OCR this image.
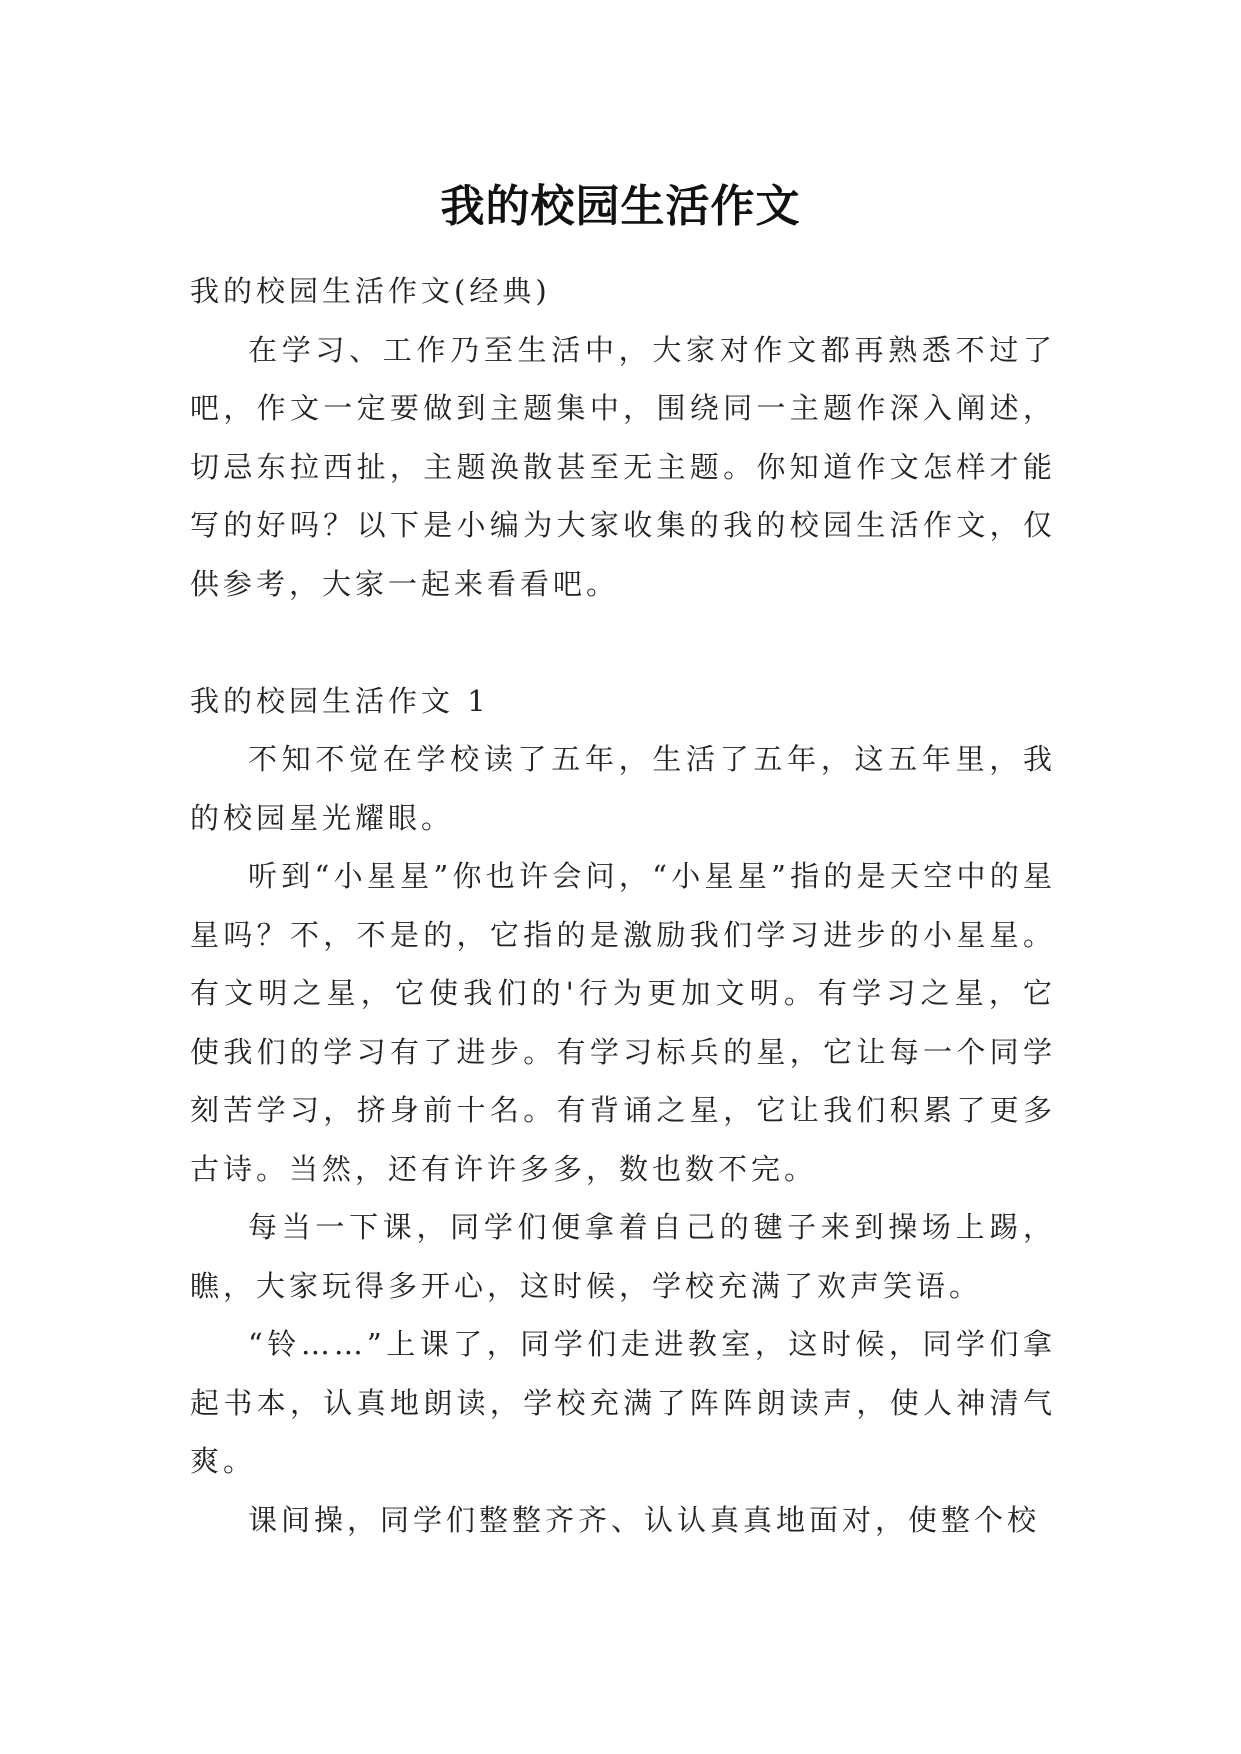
我的校园生活作文

我的校园生活作文(经典)

在学习、工作乃至生活中，大家对作文都再熟悉不过了吧，作文一定要做到主题集中，围绕同一主题作深入阐述，切忌东拉西扯，主题涣散甚至无主题。你知道作文怎样才能写的好吗？以下是小编为大家收集的我的校园生活作文，仅供参考，大家一起来看看吧。

我的校园生活作文 1

不知不觉在学校读了五年，生活了五年，这五年里，我的校园星光耀眼。

听到“小星星”你也许会问，“小星星”指的是天空中的星星吗？不，不是的，它指的是激励我们学习进步的小星星。有文明之星，它使我们的'行为更加文明。有学习之星，它使我们的学习有了进步。有学习标兵的星，它让每一个同学刻苦学习，挤身前十名。有背诵之星，它让我们积累了更多古诗。当然，还有许许多多，数也数不完。

每当一下课，同学们便拿着自己的毽子来到操场上踢，瞧，大家玩得多开心，这时候，学校充满了欢声笑语。

“铃……”上课了，同学们走进教室，这时候，同学们拿起书本，认真地朗读，学校充满了阵阵朗读声，使人神清气爽。

课间操，同学们整整齐齐、认认真真地面对，使整个校
